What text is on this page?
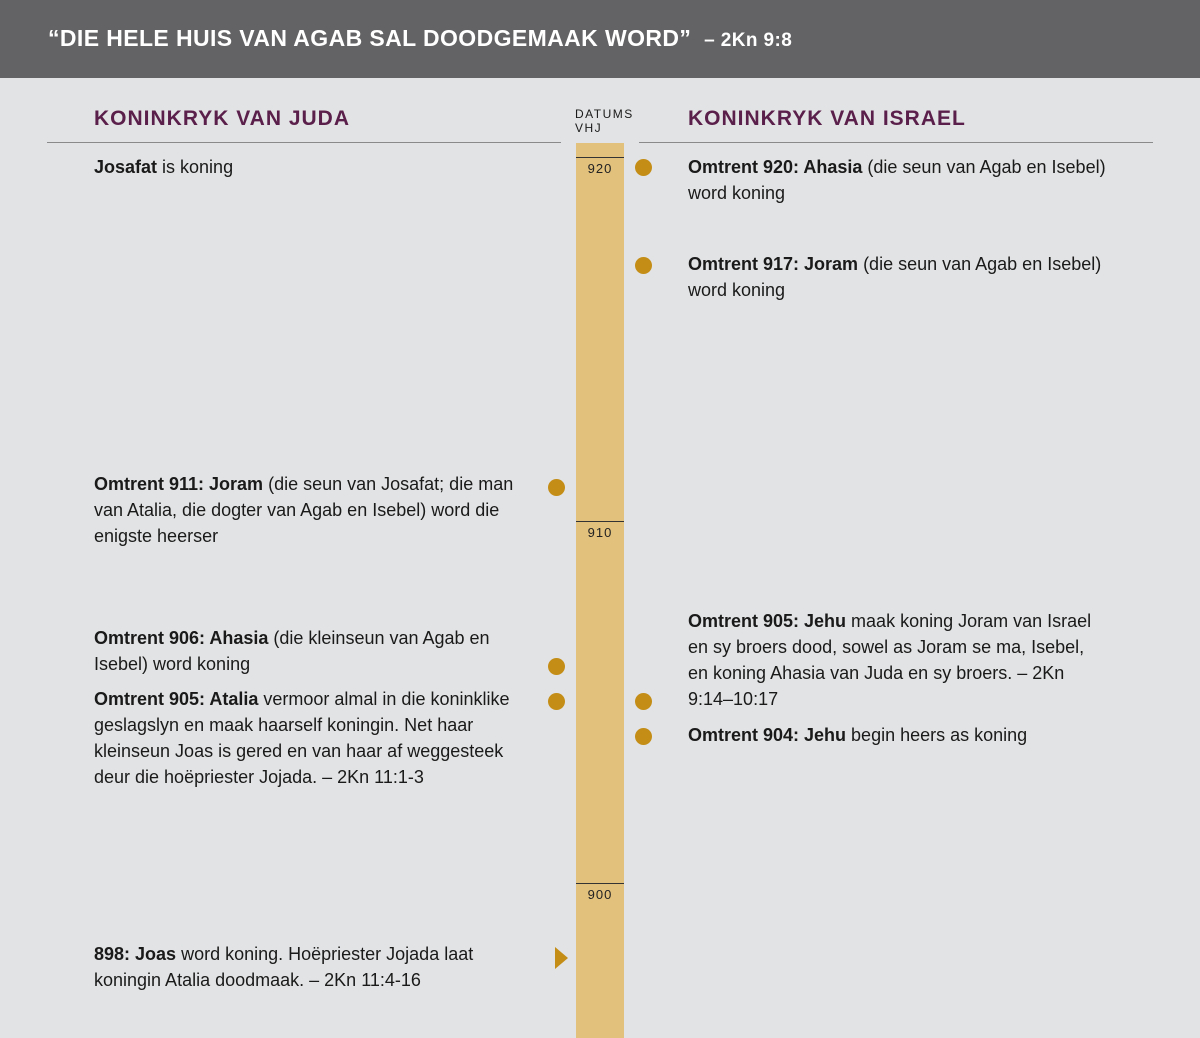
“DIE HELE HUIS VAN AGAB SAL DOODGEMAAK WORD” – 2Kn 9:8
KONINKRYK VAN JUDA	DATUMS
VHJ	KONINKRYK VAN ISRAEL
920
910
900
Josafat is koning
Omtrent 911: Joram (die seun van Josafat; die man van Atalia, die dogter van Agab en Isebel) word die enigste heerser
Omtrent 906: Ahasia (die kleinseun van Agab en Isebel) word koning
Omtrent 905: Atalia vermoor almal in die koninklike geslagslyn en maak haarself koningin. Net haar kleinseun Joas is gered en van haar af weggesteek deur die hoëpriester Jojada. – 2Kn 11:1-3
898: Joas word koning. Hoëpriester Jojada laat koningin Atalia doodmaak. – 2Kn 11:4-16
Omtrent 920: Ahasia (die seun van Agab en Isebel) word koning
Omtrent 917: Joram (die seun van Agab en Isebel) word koning
Omtrent 905: Jehu maak koning Joram van Israel en sy broers dood, sowel as Joram se ma, Isebel, en koning Ahasia van Juda en sy broers. – 2Kn 9:14–10:17
Omtrent 904: Jehu begin heers as koning
